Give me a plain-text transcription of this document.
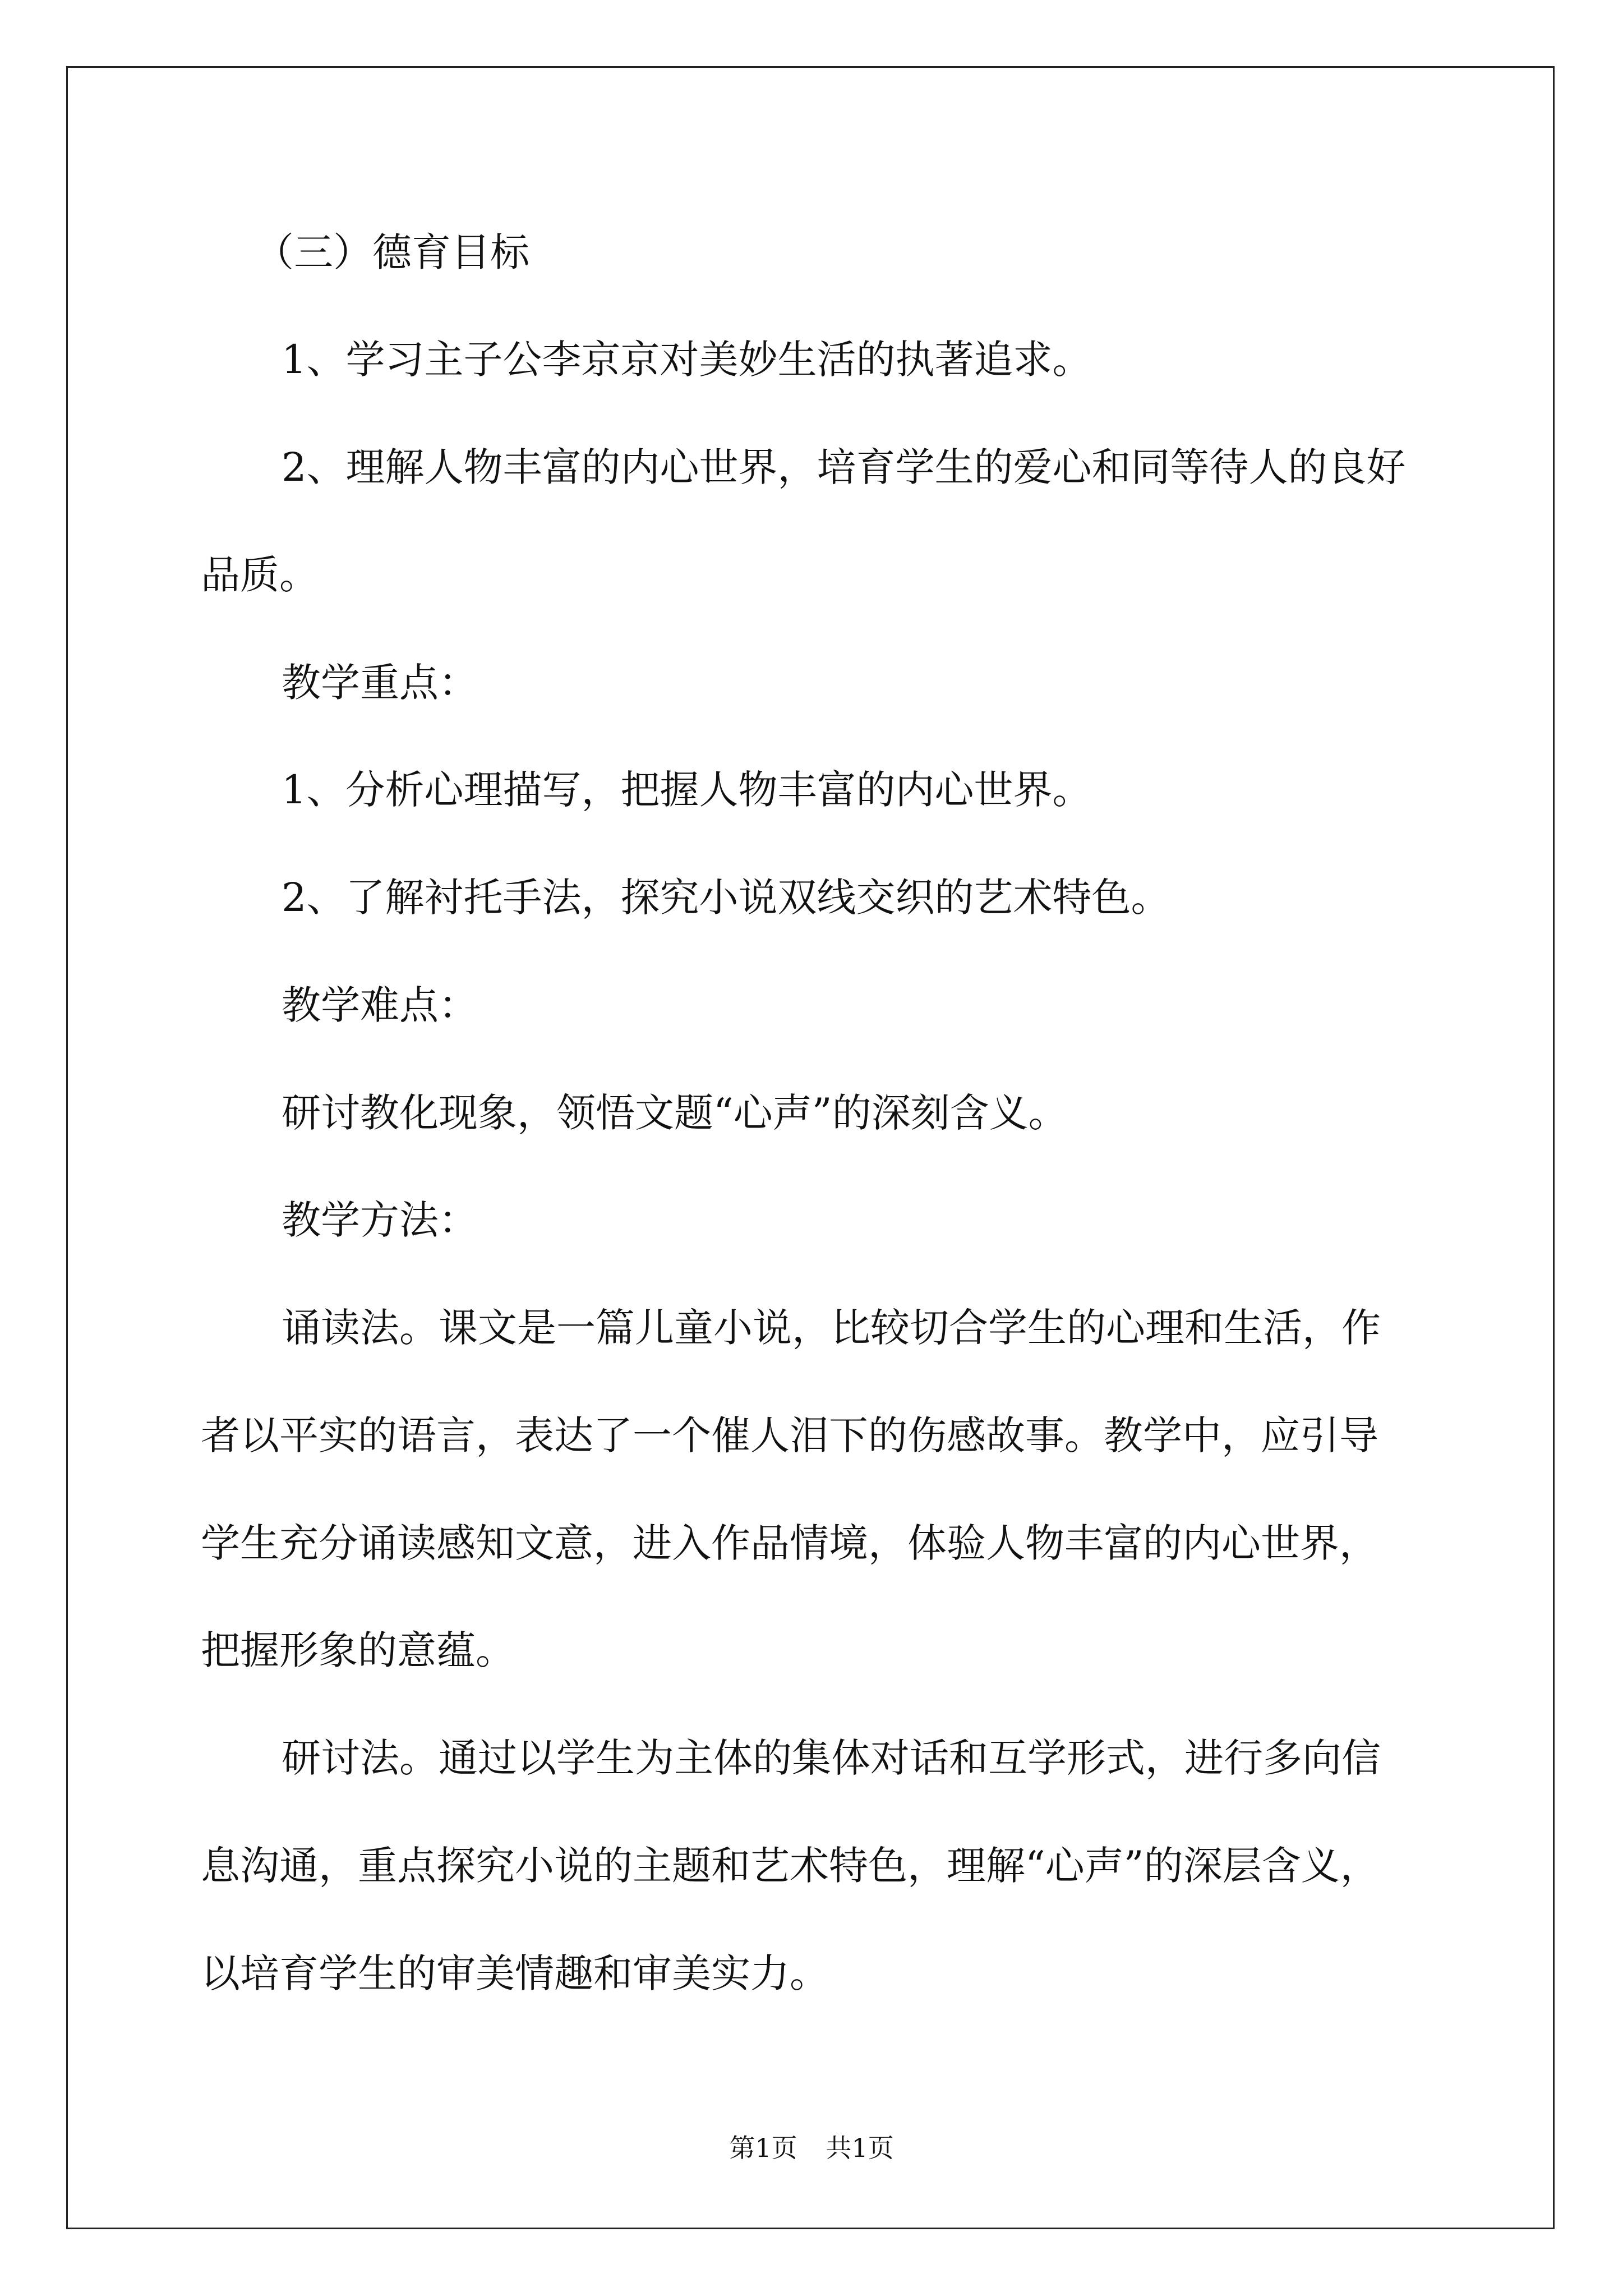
（三）德育目标

1、学习主子公李京京对美妙生活的执著追求。

2、理解人物丰富的内心世界，培育学生的爱心和同等待人的良好

品质。

教学重点：

1、分析心理描写，把握人物丰富的内心世界。

2、了解衬托手法，探究小说双线交织的艺术特色。

教学难点：

研讨教化现象，领悟文题“心声”的深刻含义。

教学方法：

诵读法。课文是一篇儿童小说，比较切合学生的心理和生活，作

者以平实的语言，表达了一个催人泪下的伤感故事。教学中，应引导

学生充分诵读感知文意，进入作品情境，体验人物丰富的内心世界，

把握形象的意蕴。

研讨法。通过以学生为主体的集体对话和互学形式，进行多向信

息沟通，重点探究小说的主题和艺术特色，理解“心声”的深层含义，

以培育学生的审美情趣和审美实力。

第1页 共1页
